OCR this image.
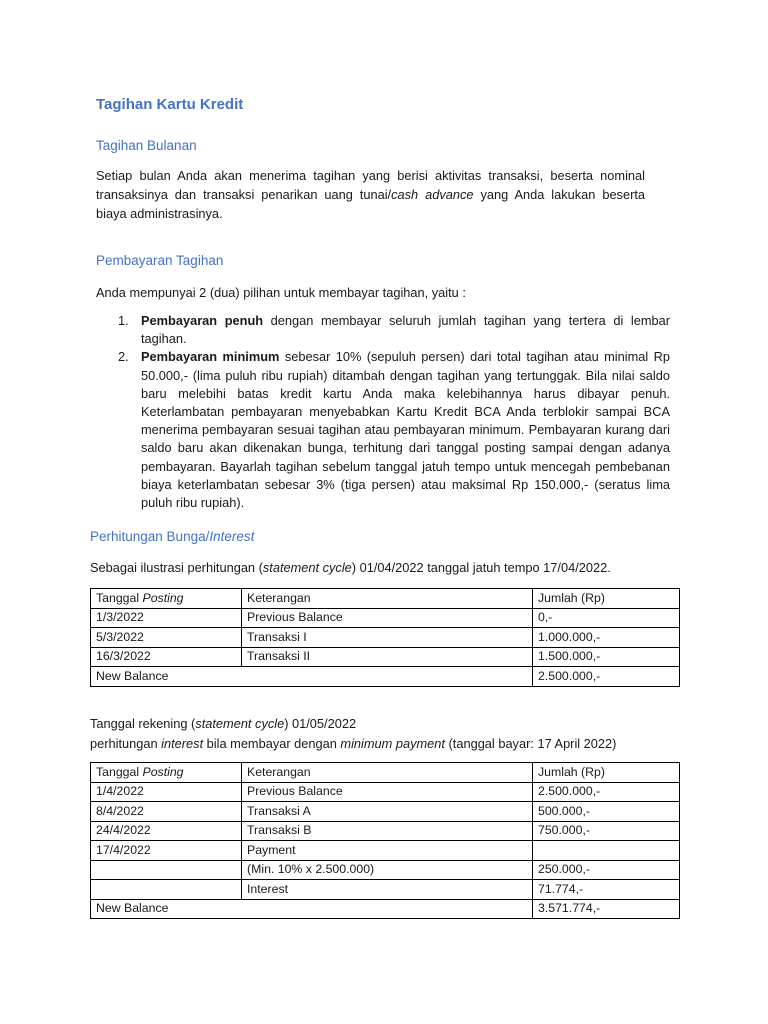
Tagihan Kartu Kredit
Tagihan Bulanan

Setiap bulan Anda akan menerima tagihan yang berisi aktivitas transaksi, beserta nominal transaksinya dan transaksi penarikan uang tunai/cash advance yang Anda lakukan beserta biaya administrasinya.

Pembayaran Tagihan

Anda mempunyai 2 (dua) pilihan untuk membayar tagihan, yaitu :

1. Pembayaran penuh dengan membayar seluruh jumlah tagihan yang tertera di lembar tagihan.
2. Pembayaran minimum sebesar 10% (sepuluh persen) dari total tagihan atau minimal Rp 50.000,- (lima puluh ribu rupiah) ditambah dengan tagihan yang tertunggak. Bila nilai saldo baru melebihi batas kredit kartu Anda maka kelebihannya harus dibayar penuh. Keterlambatan pembayaran menyebabkan Kartu Kredit BCA Anda terblokir sampai BCA menerima pembayaran sesuai tagihan atau pembayaran minimum. Pembayaran kurang dari saldo baru akan dikenakan bunga, terhitung dari tanggal posting sampai dengan adanya pembayaran. Bayarlah tagihan sebelum tanggal jatuh tempo untuk mencegah pembebanan biaya keterlambatan sebesar 3% (tiga persen) atau maksimal Rp 150.000,- (seratus lima puluh ribu rupiah).
Perhitungan Bunga/Interest

Sebagai ilustrasi perhitungan (statement cycle) 01/04/2022 tanggal jatuh tempo 17/04/2022.

Tanggal Posting	Keterangan	Jumlah (Rp)
1/3/2022	Previous Balance	0,-
5/3/2022	Transaksi I	1.000.000,-
16/3/2022	Transaksi II	1.500.000,-
New Balance		2.500.000,-

Tanggal rekening (statement cycle) 01/05/2022

perhitungan interest bila membayar dengan minimum payment (tanggal bayar: 17 April 2022)

Tanggal Posting	Keterangan	Jumlah (Rp)
1/4/2022	Previous Balance	2.500.000,-
8/4/2022	Transaksi A	500.000,-
24/4/2022	Transaksi B	750.000,-
17/4/2022	Payment	
	(Min. 10% x 2.500.000)	250.000,-
	Interest	71.774,-
New Balance		3.571.774,-
